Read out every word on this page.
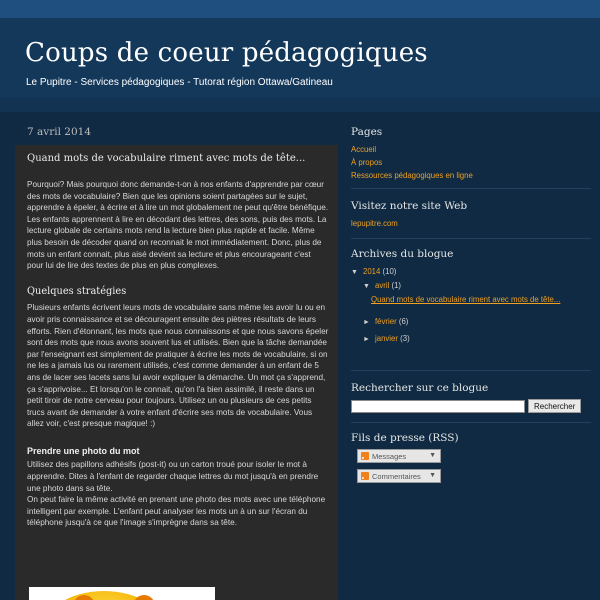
Coups de coeur pédagogiques
Le Pupitre - Services pédagogiques - Tutorat région Ottawa/Gatineau
7 avril 2014
Quand mots de vocabulaire riment avec mots de tête...

Pourquoi? Mais pourquoi donc demande-t-on à nos enfants d'apprendre par cœur des mots de vocabulaire? Bien que les opinions soient partagées sur le sujet, apprendre à épeler, à écrire et à lire un mot globalement ne peut qu'être bénéfique. Les enfants apprennent à lire en décodant des lettres, des sons, puis des mots. La lecture globale de certains mots rend la lecture bien plus rapide et facile. Même plus besoin de décoder quand on reconnait le mot immédiatement. Donc, plus de mots un enfant connait, plus aisé devient sa lecture et plus encourageant c'est pour lui de lire des textes de plus en plus complexes.

Quelques stratégies

Plusieurs enfants écrivent leurs mots de vocabulaire sans même les avoir lu ou en avoir pris connaissance et se découragent ensuite des piètres résultats de leurs efforts. Rien d'étonnant, les mots que nous connaissons et que nous savons épeler sont des mots que nous avons souvent lus et utilisés. Bien que la tâche demandée par l'enseignant est simplement de pratiquer à écrire les mots de vocabulaire, si on ne les a jamais lus ou rarement utilisés, c'est comme demander à un enfant de 5 ans de lacer ses lacets sans lui avoir expliquer la démarche. Un mot ça s'apprend, ça s'apprivoise... Et lorsqu'on le connait, qu'on l'a bien assimilé, il reste dans un petit tiroir de notre cerveau pour toujours. Utilisez un ou plusieurs de ces petits trucs avant de demander à votre enfant d'écrire ses mots de vocabulaire. Vous allez voir, c'est presque magique! :)

Prendre une photo du mot

Utilisez des papillons adhésifs (post-it) ou un carton troué pour isoler le mot à apprendre. Dites à l'enfant de regarder chaque lettres du mot jusqu'à en prendre une photo dans sa tête.

On peut faire la même activité en prenant une photo des mots avec une téléphone intelligent par exemple. L'enfant peut analyser les mots un à un sur l'écran du téléphone jusqu'à ce que l'image s'imprègne dans sa tête.

Pages
Accueil
À propos
Ressources pédagogiques en ligne
Visitez notre site Web
lepupitre.com
Archives du blogue
▼ 2014 (10)
▼ avril (1)
Quand mots de vocabulaire riment avec mots de tête...
► février (6)
► janvier (3)
Rechercher sur ce blogue
Rechercher
Fils de presse (RSS)
Messages	▼
Commentaires ▼
